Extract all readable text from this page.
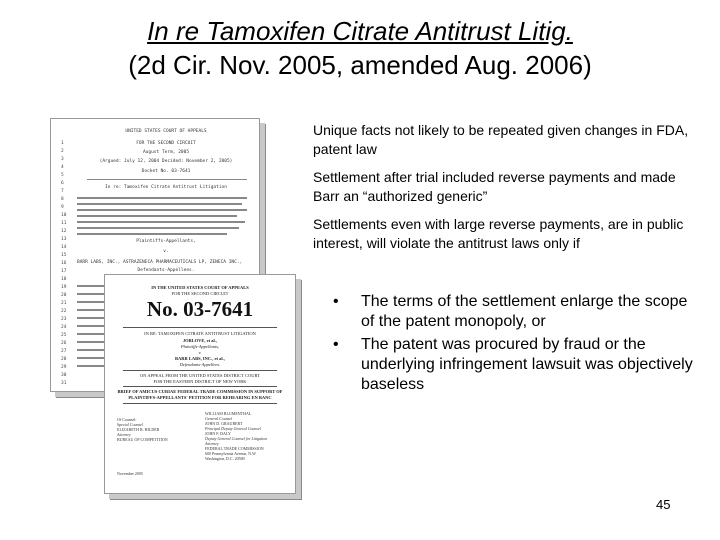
In re Tamoxifen Citrate Antitrust Litig.
(2d Cir. Nov. 2005, amended Aug. 2006)
1
2
3
4
5
6
7
8
9
10
11
12
13
14
15
16
17
18
19
20
21
22
23
24
25
26
27
28
29
30
31
UNITED STATES COURT OF APPEALS
FOR THE SECOND CIRCUIT
August Term, 2005
(Argued: July 12, 2004 Decided: November 2, 2005)
Docket No. 03-7641
In re: Tamoxifen Citrate Antitrust Litigation
Plaintiffs-Appellants,
v.
BARR LABS, INC., ASTRAZENECA PHARMACEUTICALS LP, ZENECA INC.,
Defendants-Appellees.
IN THE UNITED STATES COURT OF APPEALS
FOR THE SECOND CIRCUIT
No. 03-7641
IN RE: TAMOXIFEN CITRATE ANTITRUST LITIGATION
JOBLOVE, et al.,
Plaintiffs-Appellants,
v.
BARR LABS, INC., et al.,
Defendants-Appellees.
ON APPEAL FROM THE UNITED STATES DISTRICT COURT
FOR THE EASTERN DISTRICT OF NEW YORK
BRIEF OF AMICUS CURIAE FEDERAL TRADE COMMISSION IN SUPPORT OF PLAINTIFFS-APPELLANTS' PETITION FOR REHEARING EN BANC
WILLIAM BLUMENTHAL
General Counsel
JOHN D. GRAUBERT
Principal Deputy General Counsel
JOHN F. DALY
Deputy General Counsel for Litigation
Attorney
FEDERAL TRADE COMMISSION
600 Pennsylvania Avenue, N.W.
Washington, D.C. 20580
Of Counsel:
Special Counsel
ELIZABETH R. HILDER
Attorney
BUREAU OF COMPETITION
November 2005
Unique facts not likely to be repeated given changes in FDA, patent law
Settlement after trial included reverse payments and made Barr an “authorized generic”
Settlements even with large reverse payments, are in public interest, will violate the antitrust laws only if
•	The terms of the settlement enlarge the scope of the patent monopoly, or
•	The patent was procured by fraud or the underlying infringement lawsuit was objectively baseless
45
